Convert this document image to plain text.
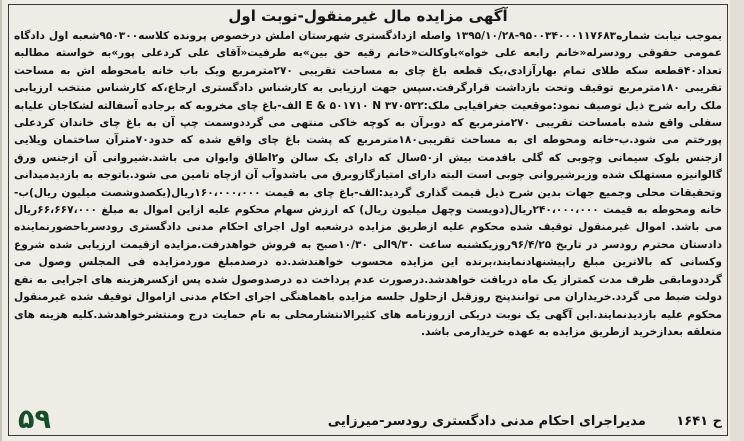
آگهی مزایده مال غیرمنقول-نوبت اول
بموجب نیابت شماره۹۵۰۰۳۴۰۰۰۱۱۷۶۸۳-۱۳۹۵/۱۰/۲۸ واصله ازدادگستری شهرستان املش درخصوص پرونده کلاسه۹۵۰۳۰۰شعبه اول دادگاه عمومی حقوقی رودسرله«خانم رابعه علی خواه»باوکالت«خانم رقیه حق بین»به طرفیت«آقای علی کردعلی پور»به خواسته مطالبه تعداد۴۰قطعه سکه طلای تمام بهارآزادی،یک قطعه باغ چای به مساحت تقریبی ۲۷۰مترمربع ویک باب خانه بامحوطه اش به مساحت تقریبی ۱۸۰مترمربع توقیف وتحت بازداشت قرارگرفت.سپس جهت ارزیابی به کارشناس دادگستری ارجاع،که کارشناس منتخب ارزیابی ملک رابه شرح ذیل توصیف نمود:موقعیت جغرافیایی ملک:۳۷۰۵۳۲ E & ۵۰۱۷۱۰ N الف-باغ چای مخروبه که برجاده آسفالته لشکاجان علیابه سفلی واقع شده بامساحت تقریبی ۲۷۰مترمربع که دوبرآن به کوچه خاکی منتهی می گرددوسمت چپ آن به باغ چای خاندان کردعلی پورختم می شود.ب-خانه ومحوطه ای به مساحت تقریبی۱۸۰مترمربع که پشت باغ چای واقع شده که حدود۷۰مترآن ساختمان ویلایی ازجنس بلوک سیمانی وچوبی که گلی بافدمت بیش از۵۰سال که دارای یک سالن و۲اطاق وایوان می باشد.شیروانی آن ازجنس ورق گالوانیزه مستهلک شده وزیرشیروانی چوبی است البته دارای امتیازگازوبرق می باشدوآب آن ازچاه تامین می شود.باتوجه به بازدیدمیدانی وتحقیقات محلی وجمیع جهات بدین شرح ذیل قیمت گذاری گردید:الف-باغ چای به قیمت ۱۶۰،۰۰۰،۰۰۰ریال(یکصدوشصت میلیون ریال)ب-خانه ومحوطه به قیمت ۲۴۰،۰۰۰،۰۰۰ریال(دویست وچهل میلیون ریال) که ارزش سهام محکوم علیه ازاین اموال به مبلغ ۶۶،۶۶۷،۰۰۰ریال می باشد. اموال غیرمنقول توقیف شده محکوم علیه ازطریق مزایده درشعبه اول اجرای احکام مدنی دادگستری رودسرباحضورنماینده دادستان محترم رودسر در تاریخ ۹۶/۴/۲۵روزیکشنبه ساعت ۹/۳۰الی ۱۰/۳۰صبح به فروش خواهدرفت.مزایده ازقیمت ارزیابی شده شروع وکسانی که بالاترین مبلغ راپیشنهادنمایند،برنده این مزایده محسوب خواهندشد.ده درصدمبلغ موردمزایده فی المجلس وصول می گرددومابقی ظرف مدت کمتراز یک ماه دریافت خواهدشد.درصورت عدم پرداخت ده درصدوصول شده پس ازکسرهزینه های اجرایی به نفع دولت ضبط می گردد.خریداران می توانندپنج روزقبل ازحلول جلسه مزایده باهماهنگی اجرای احکام مدنی ازاموال توقیف شده غیرمنقول محکوم علیه بازدیدنمایند.این آگهی یک نوبت دریکی ازروزنامه های کثیرالانتشارمحلی به نام حمایت درج ومنتشرخواهدشد.کلیه هزینه های متعلقه بعدازخرید ازطریق مزایده به عهده خریدارمی باشد.
ح ۱۶۴۱ مدیراجرای احکام مدنی دادگستری رودسر-میرزایی
۵۹
